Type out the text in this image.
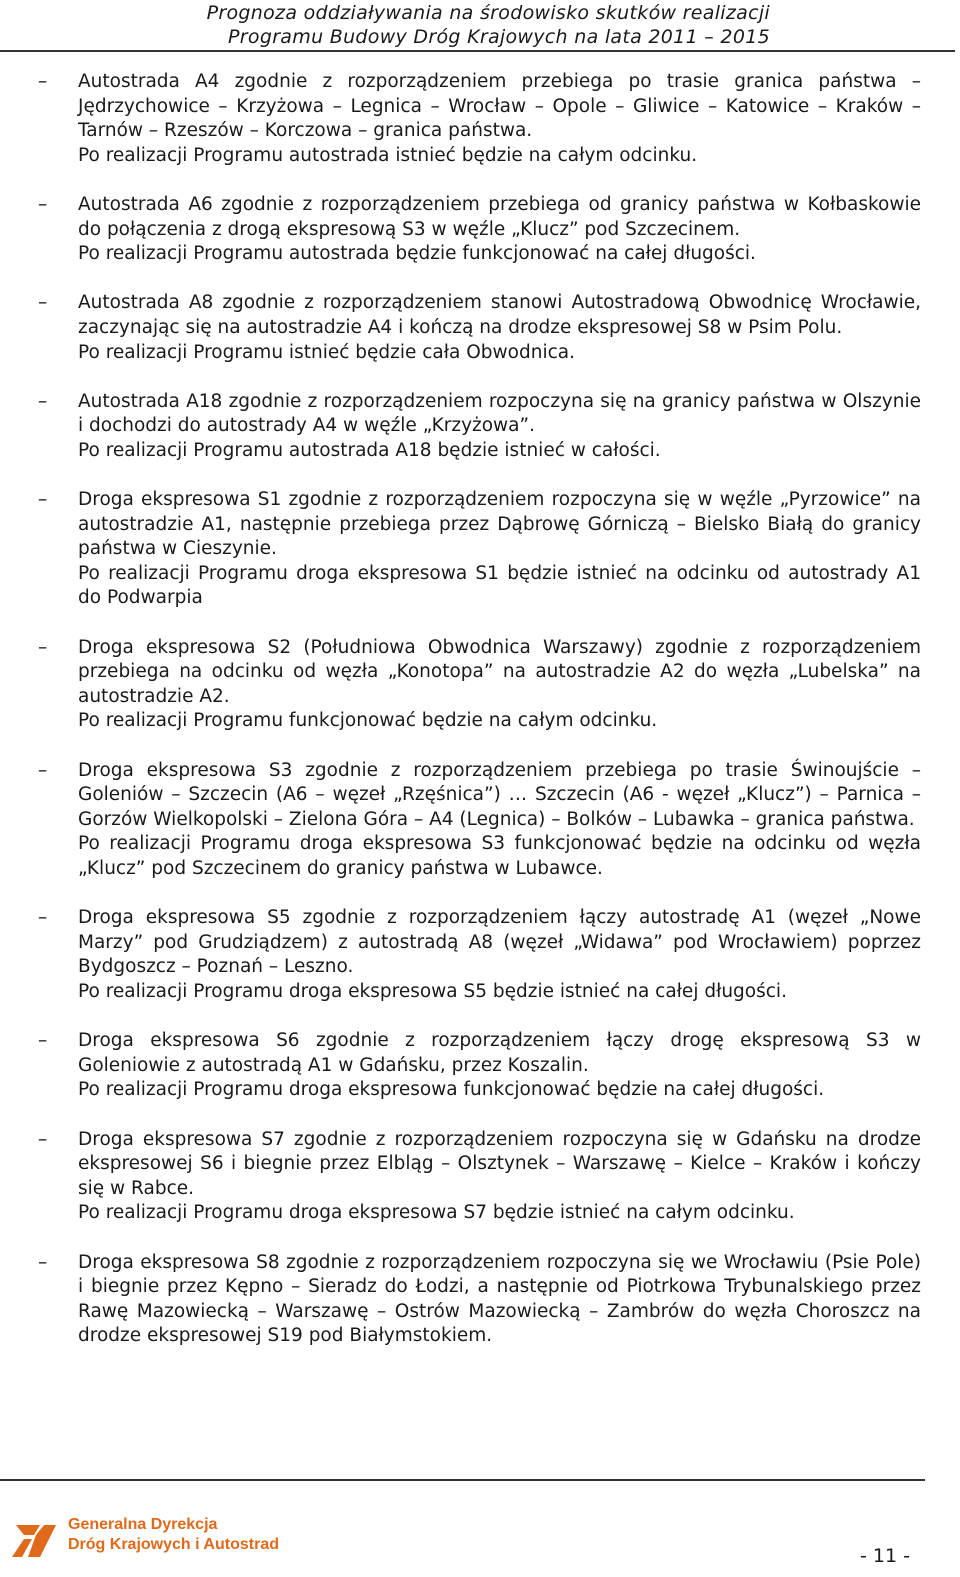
Prognoza oddziaływania na środowisko skutków realizacji
Programu Budowy Dróg Krajowych na lata 2011 – 2015
– Autostrada A4 zgodnie z rozporządzeniem przebiega po trasie granica państwa – Jędrzychowice – Krzyżowa – Legnica – Wrocław – Opole – Gliwice – Katowice – Kraków – Tarnów – Rzeszów – Korczowa – granica państwa.
Po realizacji Programu autostrada istnieć będzie na całym odcinku.
– Autostrada A6 zgodnie z rozporządzeniem przebiega od granicy państwa w Kołbaskowie do połączenia z drogą ekspresową S3 w węźle „Klucz” pod Szczecinem.
Po realizacji Programu autostrada będzie funkcjonować na całej długości.
– Autostrada A8 zgodnie z rozporządzeniem stanowi Autostradową Obwodnicę Wrocławie, zaczynając się na autostradzie A4 i kończą na drodze ekspresowej S8 w Psim Polu.
Po realizacji Programu istnieć będzie cała Obwodnica.
– Autostrada A18 zgodnie z rozporządzeniem rozpoczyna się na granicy państwa w Olszynie i dochodzi do autostrady A4 w węźle „Krzyżowa”.
Po realizacji Programu autostrada A18 będzie istnieć w całości.
– Droga ekspresowa S1 zgodnie z rozporządzeniem rozpoczyna się w węźle „Pyrzowice” na autostradzie A1, następnie przebiega przez Dąbrowę Górniczą – Bielsko Białą do granicy państwa w Cieszynie.
Po realizacji Programu droga ekspresowa S1 będzie istnieć na odcinku od autostrady A1 do Podwarpia
– Droga ekspresowa S2 (Południowa Obwodnica Warszawy) zgodnie z rozporządzeniem przebiega na odcinku od węzła „Konotopa” na autostradzie A2 do węzła „Lubelska” na autostradzie A2.
Po realizacji Programu funkcjonować będzie na całym odcinku.
– Droga ekspresowa S3 zgodnie z rozporządzeniem przebiega po trasie Świnoujście – Goleniów – Szczecin (A6 – węzeł „Rzęśnica”) … Szczecin (A6 - węzeł „Klucz”) – Parnica – Gorzów Wielkopolski – Zielona Góra – A4 (Legnica) – Bolków – Lubawka – granica państwa.
Po realizacji Programu droga ekspresowa S3 funkcjonować będzie na odcinku od węzła „Klucz” pod Szczecinem do granicy państwa w Lubawce.
– Droga ekspresowa S5 zgodnie z rozporządzeniem łączy autostradę A1 (węzeł „Nowe Marzy” pod Grudziądzem) z autostradą A8 (węzeł „Widawa” pod Wrocławiem) poprzez Bydgoszcz – Poznań – Leszno.
Po realizacji Programu droga ekspresowa S5 będzie istnieć na całej długości.
– Droga ekspresowa S6 zgodnie z rozporządzeniem łączy drogę ekspresową S3 w Goleniowie z autostradą A1 w Gdańsku, przez Koszalin.
Po realizacji Programu droga ekspresowa funkcjonować będzie na całej długości.
– Droga ekspresowa S7 zgodnie z rozporządzeniem rozpoczyna się w Gdańsku na drodze ekspresowej S6 i biegnie przez Elbląg – Olsztynek – Warszawę – Kielce – Kraków i kończy się w Rabce.
Po realizacji Programu droga ekspresowa S7 będzie istnieć na całym odcinku.
– Droga ekspresowa S8 zgodnie z rozporządzeniem rozpoczyna się we Wrocławiu (Psie Pole) i biegnie przez Kępno – Sieradz do Łodzi, a następnie od Piotrkowa Trybunalskiego przez Rawę Mazowiecką – Warszawę – Ostrów Mazowiecką – Zambrów do węzła Choroszcz na drodze ekspresowej S19 pod Białymstokiem.
Generalna Dyrekcja
Dróg Krajowych i Autostrad
- 11 -
